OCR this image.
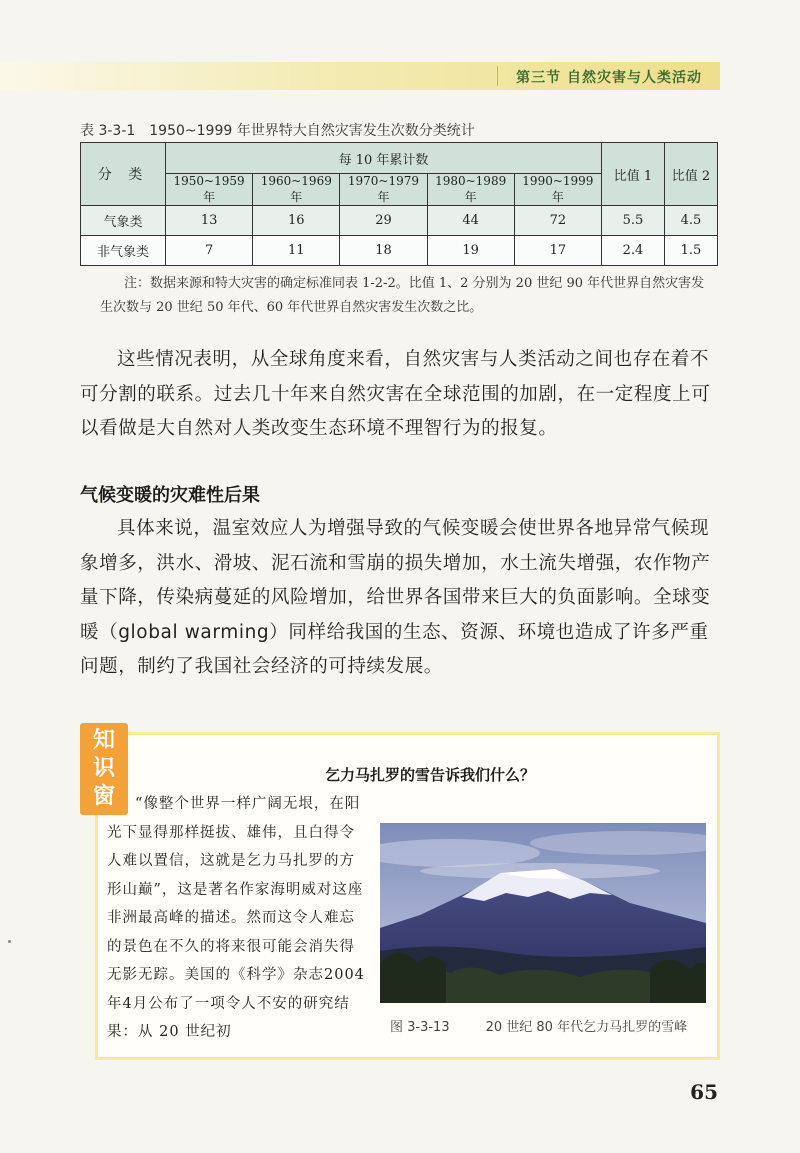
第三节 自然灾害与人类活动
表 3-3-1　1950~1999 年世界特大自然灾害发生次数分类统计
分 类	每 10 年累计数					比值 1	比值 2
	1950~1959 年	1960~1969 年	1970~1979 年	1980~1989 年	1990~1999 年		
气象类	13	16	29	44	72	5.5	4.5
非气象类	7	11	18	19	17	2.4	1.5
注：数据来源和特大灾害的确定标准同表 1-2-2。比值 1、2 分别为 20 世纪 90 年代世界自然灾害发生次数与 20 世纪 50 年代、60 年代世界自然灾害发生次数之比。
这些情况表明，从全球角度来看，自然灾害与人类活动之间也存在着不可分割的联系。过去几十年来自然灾害在全球范围的加剧，在一定程度上可以看做是大自然对人类改变生态环境不理智行为的报复。
气候变暖的灾难性后果
具体来说，温室效应人为增强导致的气候变暖会使世界各地异常气候现象增多，洪水、滑坡、泥石流和雪崩的损失增加，水土流失增强，农作物产量下降，传染病蔓延的风险增加，给世界各国带来巨大的负面影响。全球变暖（global warming）同样给我国的生态、资源、环境也造成了许多严重问题，制约了我国社会经济的可持续发展。
知
识
窗
乞力马扎罗的雪告诉我们什么？
“像整个世界一样广阔无垠，在阳光下显得那样挺拔、雄伟，且白得令人难以置信，这就是乞力马扎罗的方形山巅”，这是著名作家海明威对这座非洲最高峰的描述。然而这令人难忘的景色在不久的将来很可能会消失得无影无踪。美国的《科学》杂志2004年4月公布了一项令人不安的研究结果：从 20 世纪初	图 3-3-13	20 世纪 80 年代乞力马扎罗的雪峰
65
